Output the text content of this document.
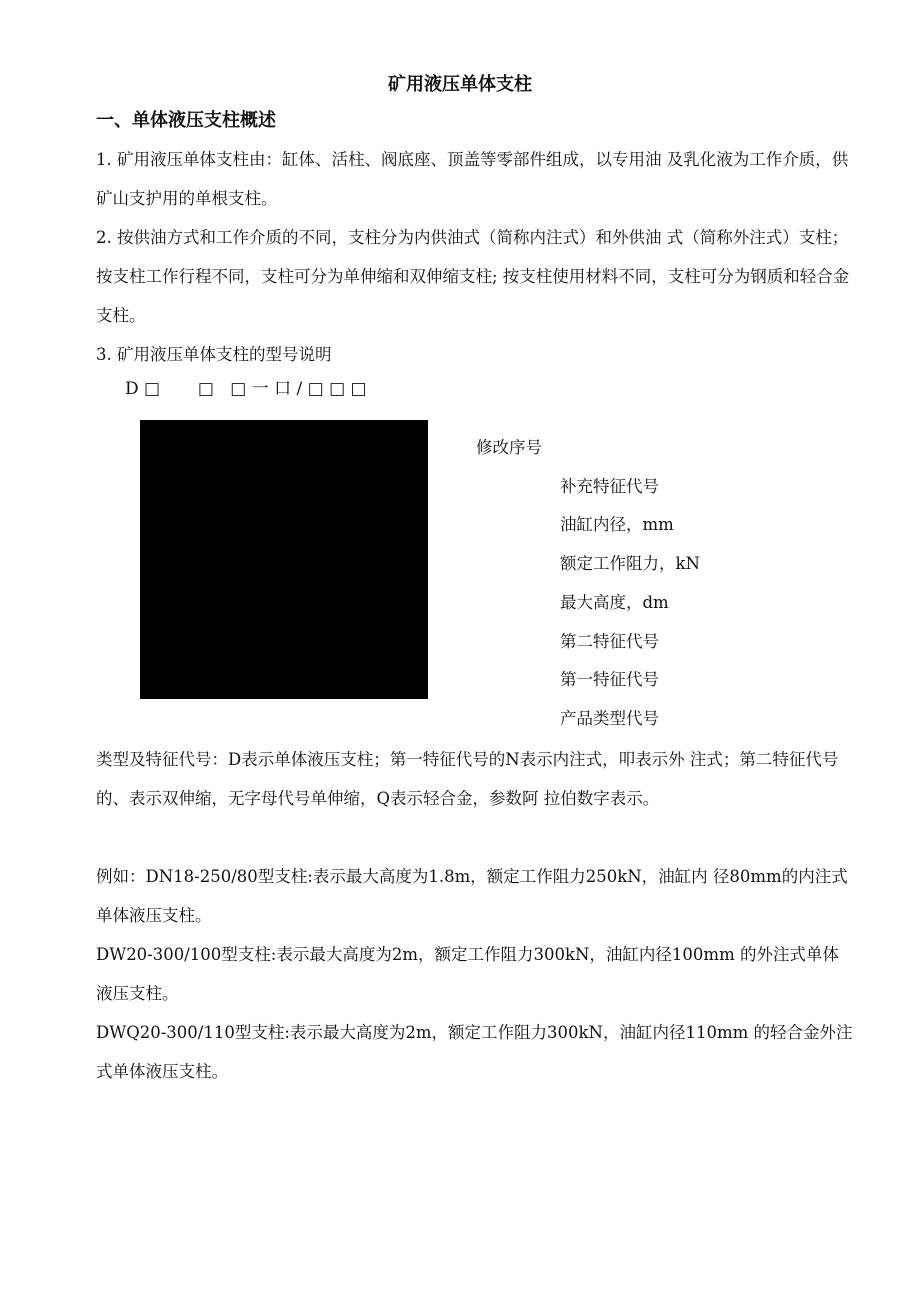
矿用液压单体支柱
一、单体液压支柱概述
1. 矿用液压单体支柱由：缸体、活柱、阀底座、顶盖等零部件组成，以专用油 及乳化液为工作介质，供矿山支护用的单根支柱。
2. 按供油方式和工作介质的不同，支柱分为内供油式（简称内注式）和外供油 式（简称外注式）支柱；按支柱工作行程不同，支柱可分为单伸缩和双伸缩支柱; 按支柱使用材料不同，支柱可分为钢质和轻合金支柱。
3. 矿用液压单体支柱的型号说明
D □       □   □ 一 口 / □ □ □
修改序号
补充特征代号
油缸内径，mm
额定工作阻力，kN
最大高度，dm
第二特征代号
第一特征代号
产品类型代号
类型及特征代号：D表示单体液压支柱；第一特征代号的N表示内注式，叩表示外 注式；第二特征代号的、表示双伸缩，无字母代号单伸缩，Q表示轻合金，参数阿 拉伯数字表示。
例如：DN18-250/80型支柱:表示最大高度为1.8m，额定工作阻力250kN，油缸内 径80mm的内注式单体液压支柱。
DW20-300/100型支柱:表示最大高度为2m，额定工作阻力300kN，油缸内径100mm 的外注式单体液压支柱。
DWQ20-300/110型支柱:表示最大高度为2m，额定工作阻力300kN，油缸内径110mm 的轻合金外注式单体液压支柱。
